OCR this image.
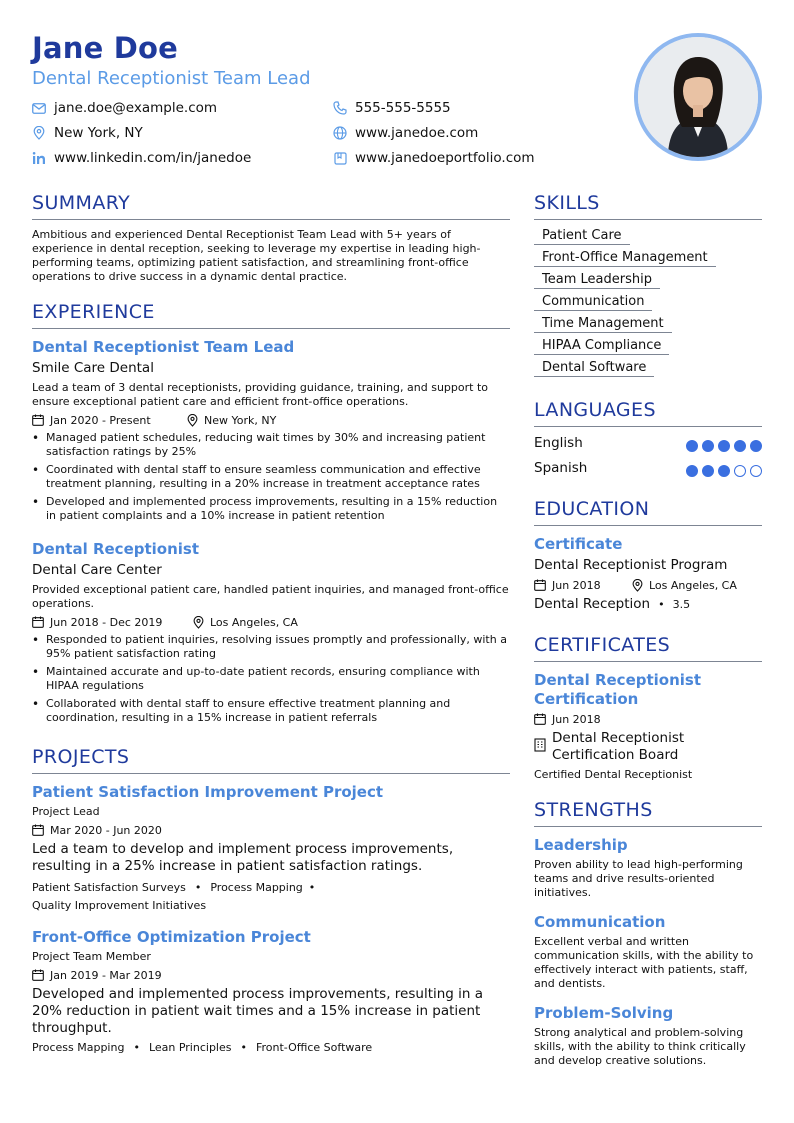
Jane Doe
Dental Receptionist Team Lead
jane.doe@example.com	555-555-5555
New York, NY	www.janedoe.com
www.linkedin.com/in/janedoe	www.janedoeportfolio.com
SUMMARY
Ambitious and experienced Dental Receptionist Team Lead with 5+ years of experience in dental reception, seeking to leverage my expertise in leading high-performing teams, optimizing patient satisfaction, and streamlining front-office operations to drive success in a dynamic dental practice.
EXPERIENCE
Dental Receptionist Team Lead
Smile Care Dental
Lead a team of 3 dental receptionists, providing guidance, training, and support to ensure exceptional patient care and efficient front-office operations.
Jan 2020 - Present	New York, NY
• Managed patient schedules, reducing wait times by 30% and increasing patient satisfaction ratings by 25%
• Coordinated with dental staff to ensure seamless communication and effective treatment planning, resulting in a 20% increase in treatment acceptance rates
• Developed and implemented process improvements, resulting in a 15% reduction in patient complaints and a 10% increase in patient retention
Dental Receptionist
Dental Care Center
Provided exceptional patient care, handled patient inquiries, and managed front-office operations.
Jun 2018 - Dec 2019	Los Angeles, CA
• Responded to patient inquiries, resolving issues promptly and professionally, with a 95% patient satisfaction rating
• Maintained accurate and up-to-date patient records, ensuring compliance with HIPAA regulations
• Collaborated with dental staff to ensure effective treatment planning and coordination, resulting in a 15% increase in patient referrals
PROJECTS
Patient Satisfaction Improvement Project
Project Lead
Mar 2020 - Jun 2020
Led a team to develop and implement process improvements, resulting in a 25% increase in patient satisfaction ratings.
Patient Satisfaction Surveys • Process Mapping •
Quality Improvement Initiatives
Front-Office Optimization Project
Project Team Member
Jan 2019 - Mar 2019
Developed and implemented process improvements, resulting in a 20% reduction in patient wait times and a 15% increase in patient throughput.
Process Mapping • Lean Principles • Front-Office Software
SKILLS
Patient Care
Front-Office Management
Team Leadership
Communication
Time Management
HIPAA Compliance
Dental Software
LANGUAGES
English
Spanish
EDUCATION
Certificate
Dental Receptionist Program
Jun 2018	Los Angeles, CA
Dental Reception • 3.5
CERTIFICATES
Dental Receptionist Certification
Jun 2018
Dental Receptionist Certification Board
Certified Dental Receptionist
STRENGTHS
Leadership
Proven ability to lead high-performing teams and drive results-oriented initiatives.
Communication
Excellent verbal and written communication skills, with the ability to effectively interact with patients, staff, and dentists.
Problem-Solving
Strong analytical and problem-solving skills, with the ability to think critically and develop creative solutions.
